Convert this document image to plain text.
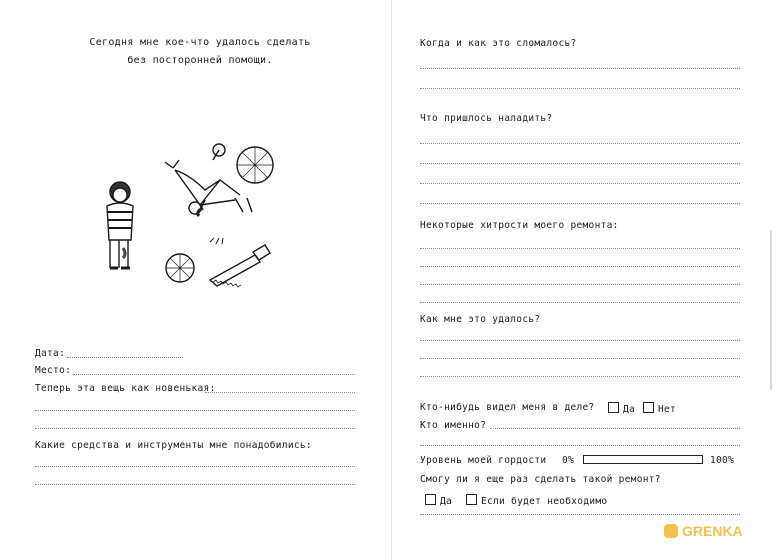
Сегодня мне кое-что удалось сделать
без посторонней помощи.
Дата:
Место:
Теперь эта вещь как новенькая:
Какие средства и инструменты мне понадобились:
Когда и как это сломалось?
Что пришлось наладить?
Некоторые хитрости моего ремонта:
Как мне это удалось?
Кто-нибудь видел меня в деле?	Да	Нет
Кто именно?
Уровень моей гордости 0%	100%
Смогу ли я еще раз сделать такой ремонт?
Да	Если будет необходимо
GRENKA
